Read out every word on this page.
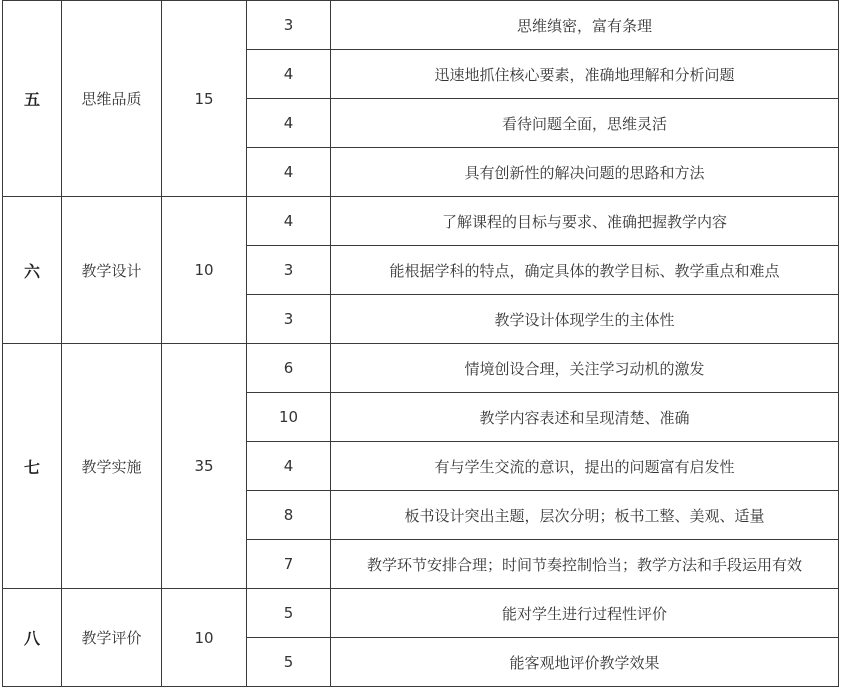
五	思维品质	15	3	思维缜密，富有条理
			4	迅速地抓住核心要素，准确地理解和分析问题
			4	看待问题全面，思维灵活
			4	具有创新性的解决问题的思路和方法
六	教学设计	10	4	了解课程的目标与要求、准确把握教学内容
			3	能根据学科的特点，确定具体的教学目标、教学重点和难点
			3	教学设计体现学生的主体性
七	教学实施	35	6	情境创设合理，关注学习动机的激发
			10	教学内容表述和呈现清楚、准确
			4	有与学生交流的意识，提出的问题富有启发性
			8	板书设计突出主题，层次分明；板书工整、美观、适量
			7	教学环节安排合理；时间节奏控制恰当；教学方法和手段运用有效
八	教学评价	10	5	能对学生进行过程性评价
			5	能客观地评价教学效果
